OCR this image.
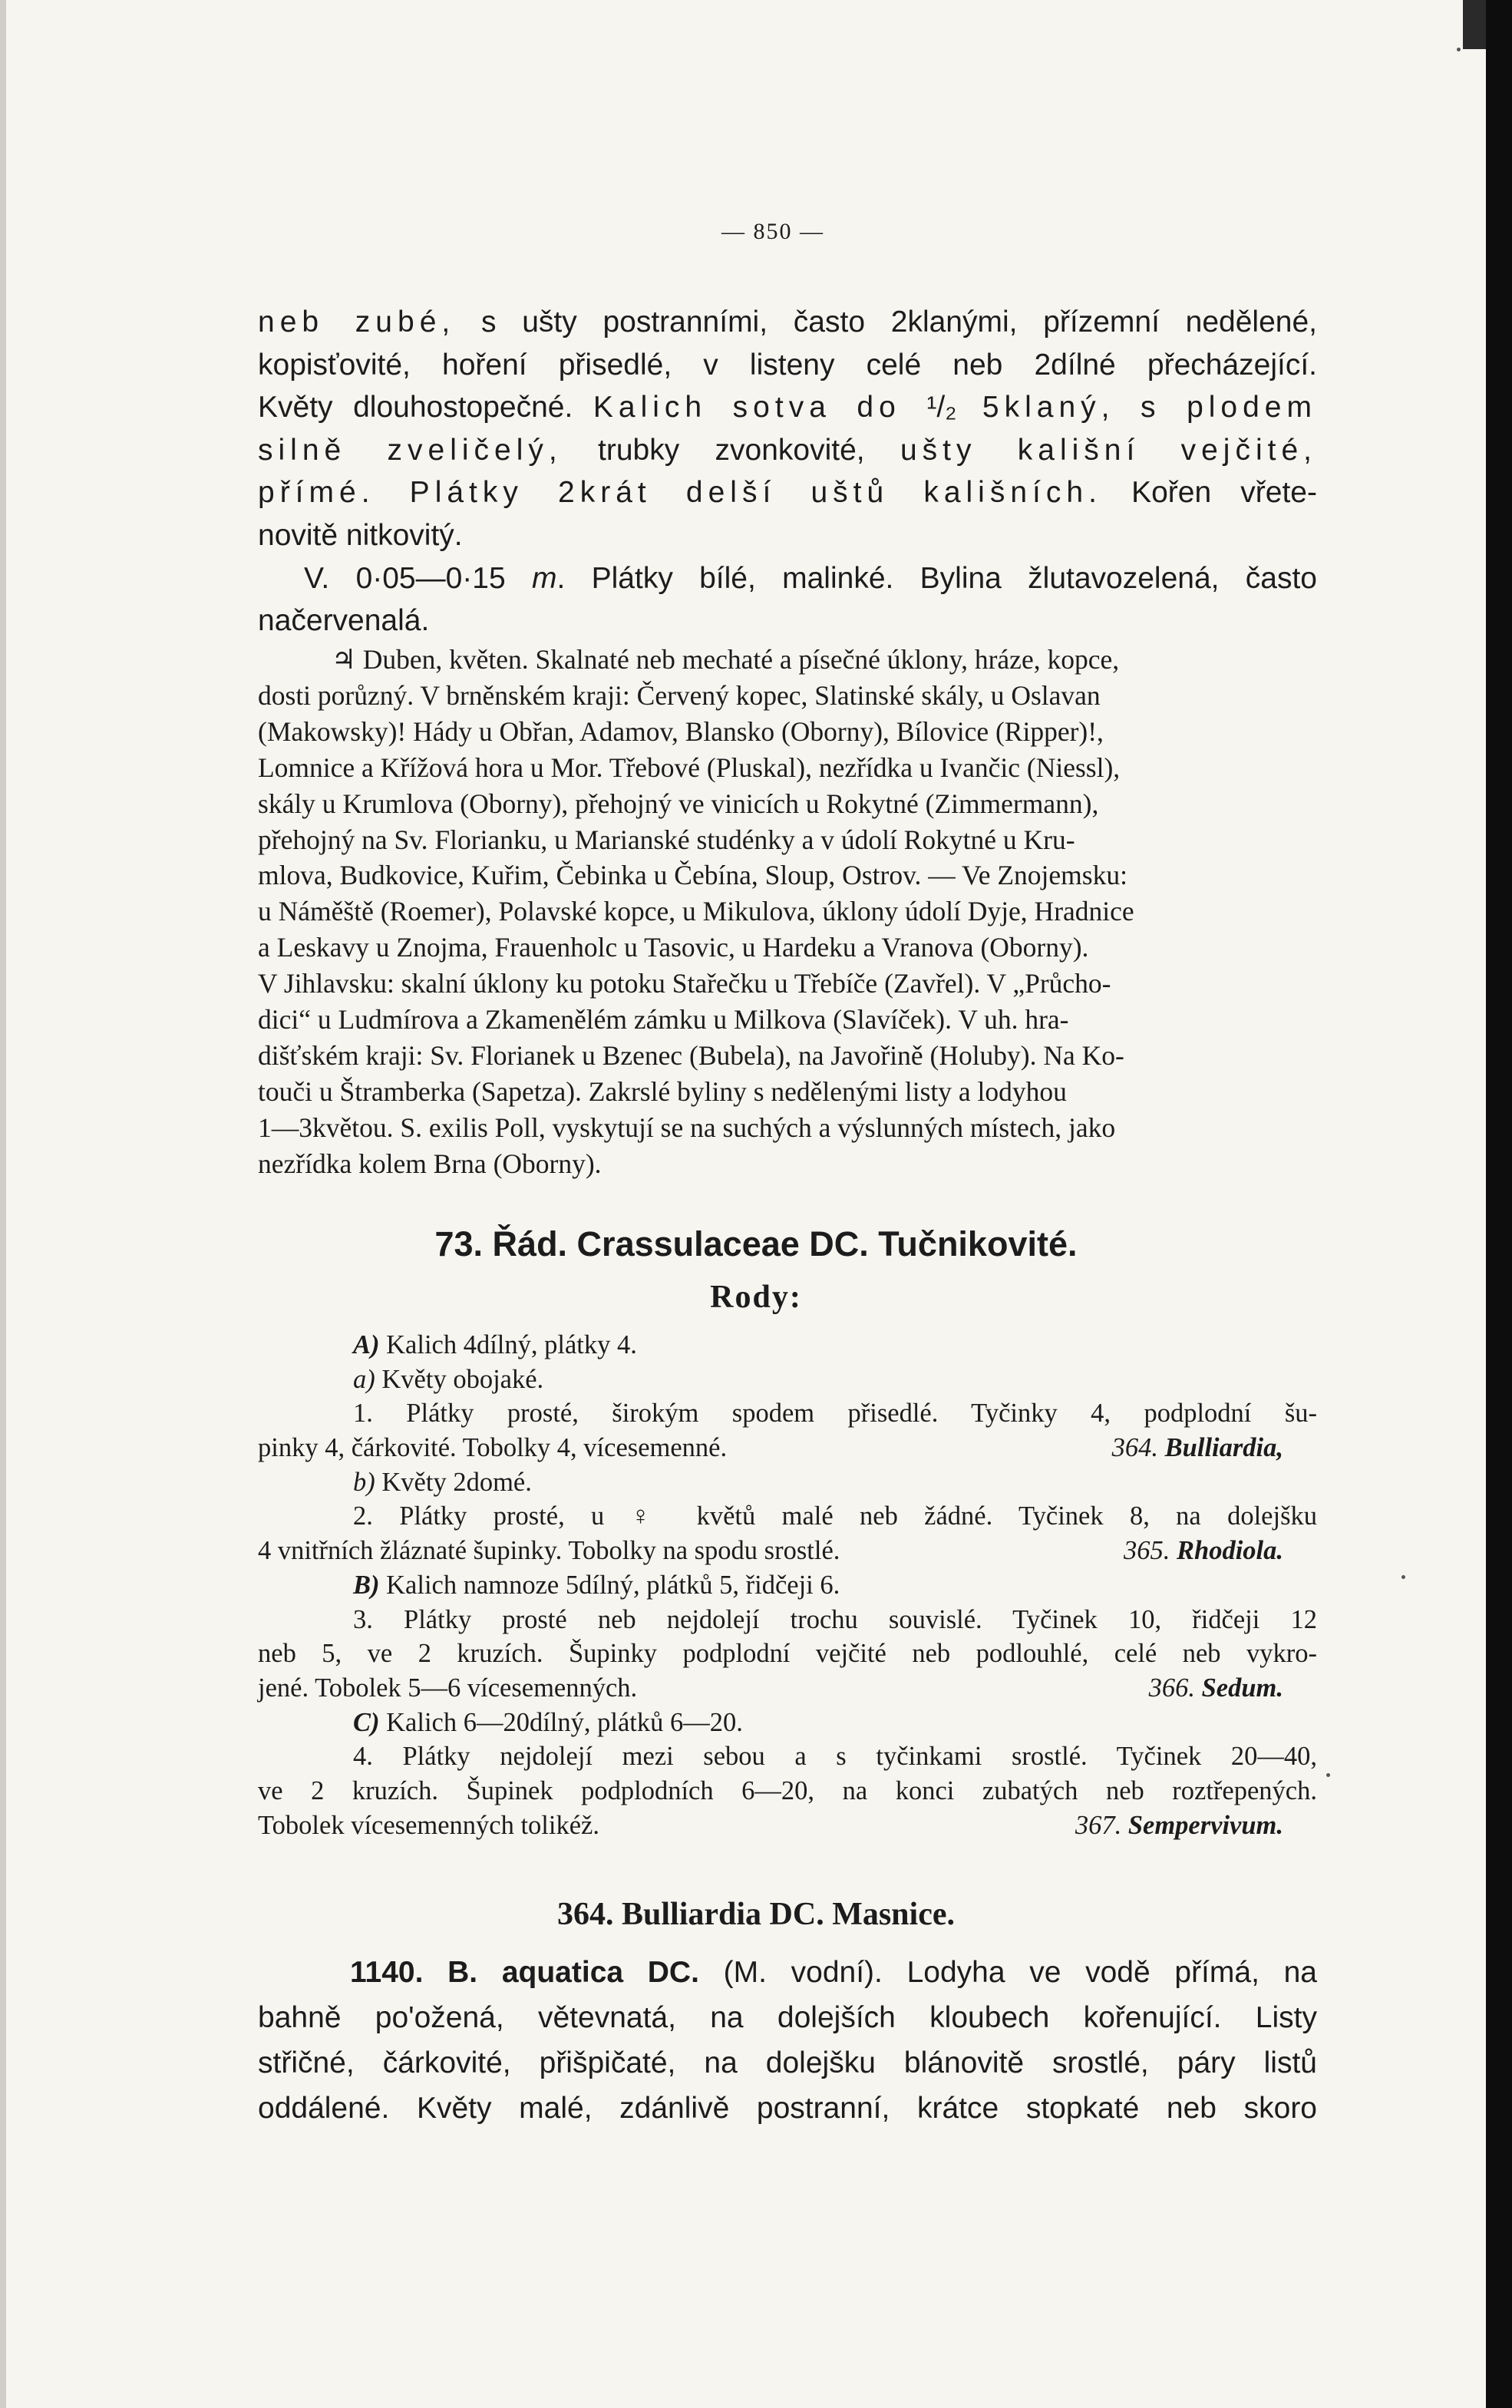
— 850 —
neb zubé, s ušty postranními, často 2klanými, přízemní nedělené,
kopisťovité, hoření přisedlé, v listeny celé neb 2dílné přecházející.
Květy dlouhostopečné. Kalich sotva do ¹/₂ 5klaný, s plodem
silně zveličelý, trubky zvonkovité, ušty kališní vejčité,
přímé. Plátky 2krát delší uštů kališních. Kořen vřete-
novitě nitkovitý.
V. 0·05—0·15 m. Plátky bílé, malinké. Bylina žlutavozelená, často
načervenalá.
♃ Duben, květen. Skalnaté neb mechaté a písečné úklony, hráze, kopce,
dosti porůzný. V brněnském kraji: Červený kopec, Slatinské skály, u Oslavan
(Makowsky)! Hády u Obřan, Adamov, Blansko (Oborny), Bílovice (Ripper)!,
Lomnice a Křížová hora u Mor. Třebové (Pluskal), nezřídka u Ivančic (Niessl),
skály u Krumlova (Oborny), přehojný ve vinicích u Rokytné (Zimmermann),
přehojný na Sv. Florianku, u Marianské studénky a v údolí Rokytné u Kru-
mlova, Budkovice, Kuřim, Čebinka u Čebína, Sloup, Ostrov. — Ve Znojemsku:
u Náměště (Roemer), Polavské kopce, u Mikulova, úklony údolí Dyje, Hradnice
a Leskavy u Znojma, Frauenholc u Tasovic, u Hardeku a Vranova (Oborny).
V Jihlavsku: skalní úklony ku potoku Stařečku u Třebíče (Zavřel). V „Průcho-
dici“ u Ludmírova a Zkamenělém zámku u Milkova (Slavíček). V uh. hra-
dišťském kraji: Sv. Florianek u Bzenec (Bubela), na Javořině (Holuby). Na Ko-
touči u Štramberka (Sapetza). Zakrslé byliny s nedělenými listy a lodyhou
1—3květou. S. exilis Poll, vyskytují se na suchých a výslunných místech, jako
nezřídka kolem Brna (Oborny).
73. Řád. Crassulaceae DC. Tučnikovité.
Rody:
A) Kalich 4dílný, plátky 4.
a) Květy obojaké.
1. Plátky prosté, širokým spodem přisedlé. Tyčinky 4, podplodní šu-
pinky 4, čárkovité. Tobolky 4, vícesemenné.	364. Bulliardia,
b) Květy 2domé.
2. Plátky prosté, u ♀ květů malé neb žádné. Tyčinek 8, na dolejšku
4 vnitřních žláznaté šupinky. Tobolky na spodu srostlé.	365. Rhodiola.
B) Kalich namnoze 5dílný, plátků 5, řidčeji 6.
3. Plátky prosté neb nejdolejí trochu souvislé. Tyčinek 10, řidčeji 12
neb 5, ve 2 kruzích. Šupinky podplodní vejčité neb podlouhlé, celé neb vykro-
jené. Tobolek 5—6 vícesemenných.	366. Sedum.
C) Kalich 6—20dílný, plátků 6—20.
4. Plátky nejdolejí mezi sebou a s tyčinkami srostlé. Tyčinek 20—40,
ve 2 kruzích. Šupinek podplodních 6—20, na konci zubatých neb roztřepených.
Tobolek vícesemenných tolikéž.	367. Sempervivum.
364. Bulliardia DC. Masnice.
1140. B. aquatica DC. (M. vodní). Lodyha ve vodě přímá, na
bahně po'ožená, větevnatá, na dolejších kloubech kořenující. Listy
střičné, čárkovité, přišpičaté, na dolejšku blánovitě srostlé, páry listů
oddálené. Květy malé, zdánlivě postranní, krátce stopkaté neb skoro
